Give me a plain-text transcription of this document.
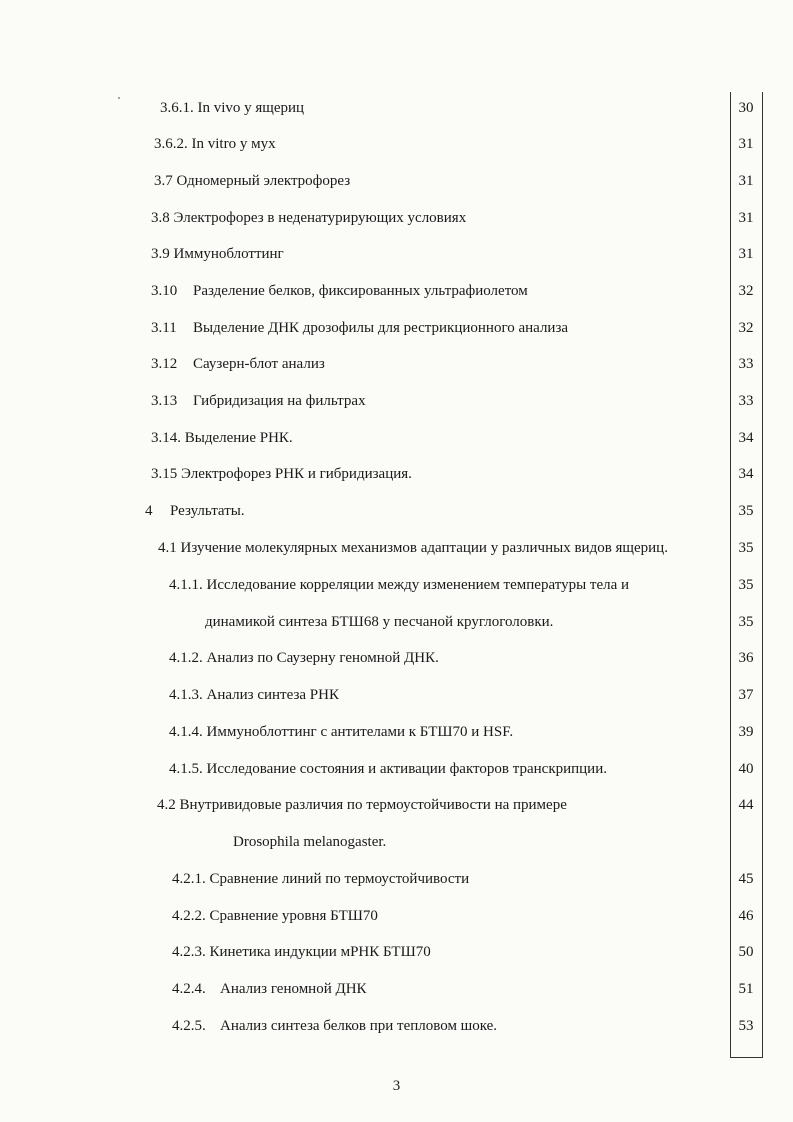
3.6.1. In vivo у ящериц	30
3.6.2. In vitro у мух	31
3.7 Одномерный электрофорез	31
3.8 Электрофорез в неденатурирующих условиях	31
3.9 Иммуноблоттинг	31
3.10 Разделение белков, фиксированных ультрафиолетом	32
3.11 Выделение ДНК дрозофилы для рестрикционного анализа	32
3.12 Саузерн-блот анализ	33
3.13 Гибридизация на фильтрах	33
3.14. Выделение РНК.	34
3.15 Электрофорез РНК и гибридизация.	34
4 Результаты.	35
4.1 Изучение молекулярных механизмов адаптации у различных видов ящериц.	35
4.1.1. Исследование корреляции между изменением температуры тела и	35
динамикой синтеза БТШ68 у песчаной круглоголовки.	35
4.1.2. Анализ по Саузерну геномной ДНК.	36
4.1.3. Анализ синтеза РНК	37
4.1.4. Иммуноблоттинг с антителами к БТШ70 и HSF.	39
4.1.5. Исследование состояния и активации факторов транскрипции.	40
4.2 Внутривидовые различия по термоустойчивости на примере	44
Drosophila melanogaster.
4.2.1. Сравнение линий по термоустойчивости	45
4.2.2. Сравнение уровня БТШ70	46
4.2.3. Кинетика индукции мРНК БТШ70	50
4.2.4. Анализ геномной ДНК	51
4.2.5. Анализ синтеза белков при тепловом шоке.	53
3
